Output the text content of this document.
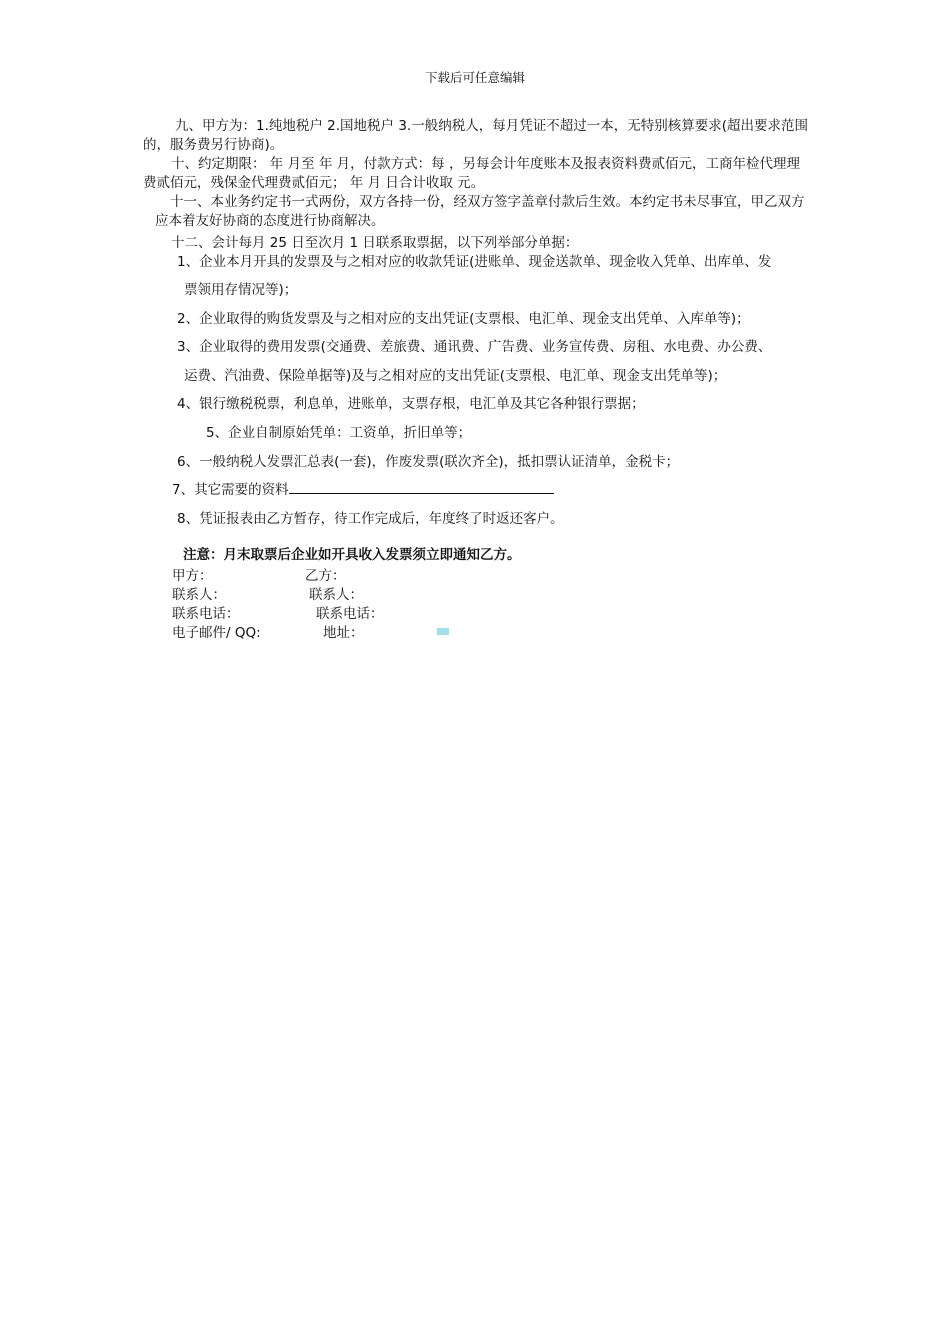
下载后可任意编辑
九、甲方为：1.纯地税户 2.国地税户 3.一般纳税人，每月凭证不超过一本，无特别核算要求(超出要求范围的，服务费另行协商)。
十、约定期限： 年 月至 年 月，付款方式：每 ，另每会计年度账本及报表资料费贰佰元，工商年检代理理费贰佰元，残保金代理费贰佰元； 年 月 日合计收取 元。
十一、本业务约定书一式两份，双方各持一份，经双方签字盖章付款后生效。本约定书未尽事宜，甲乙双方应本着友好协商的态度进行协商解决。
十二、会计每月 25 日至次月 1 日联系取票据，以下列举部分单据：
1、企业本月开具的发票及与之相对应的收款凭证(进账单、现金送款单、现金收入凭单、出库单、发
票领用存情况等)；
2、企业取得的购货发票及与之相对应的支出凭证(支票根、电汇单、现金支出凭单、入库单等)；
3、企业取得的费用发票(交通费、差旅费、通讯费、广告费、业务宣传费、房租、水电费、办公费、
运费、汽油费、保险单据等)及与之相对应的支出凭证(支票根、电汇单、现金支出凭单等)；
4、银行缴税税票，利息单，进账单，支票存根，电汇单及其它各种银行票据；
5、企业自制原始凭单：工资单，折旧单等；
6、一般纳税人发票汇总表(一套)，作废发票(联次齐全)，抵扣票认证清单，金税卡；
7、其它需要的资料
8、凭证报表由乙方暂存，待工作完成后，年度终了时返还客户。
注意：月末取票后企业如开具收入发票须立即通知乙方。
甲方：	乙方：
联系人：	联系人：
联系电话：	联系电话：
电子邮件/ QQ:	地址：
